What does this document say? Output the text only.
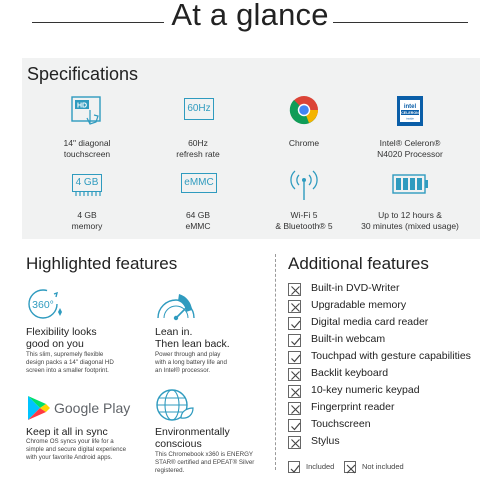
At a glance
Specifications
HD
14" diagonal
touchscreen
60Hz
60Hz
refresh rate
Chrome
intel
CELERON
inside
Intel® Celeron®
N4020 Processor
4 GB
4 GB
memory
eMMC
64 GB
eMMC
Wi-Fi 5
& Bluetooth® 5
Up to 12 hours &
30 minutes (mixed usage)
Highlighted features
360°
Flexibility looks
good on you
This slim, supremely flexible
design packs a 14" diagonal HD
screen into a smaller footprint.
Lean in.
Then lean back.
Power through and play
with a long battery life and
an Intel® processor.
Google Play
Keep it all in sync
Chrome OS syncs your life for a
simple and secure digital experience
with your favorite Android apps.
Environmentally
conscious
This Chromebook x360 is ENERGY
STAR® certified and EPEAT® Silver
registered.
Additional features
Built-in DVD-Writer
Upgradable memory
Digital media card reader
Built-in webcam
Touchpad with gesture capabilities
Backlit keyboard
10-key numeric keypad
Fingerprint reader
Touchscreen
Stylus
Included	Not included
